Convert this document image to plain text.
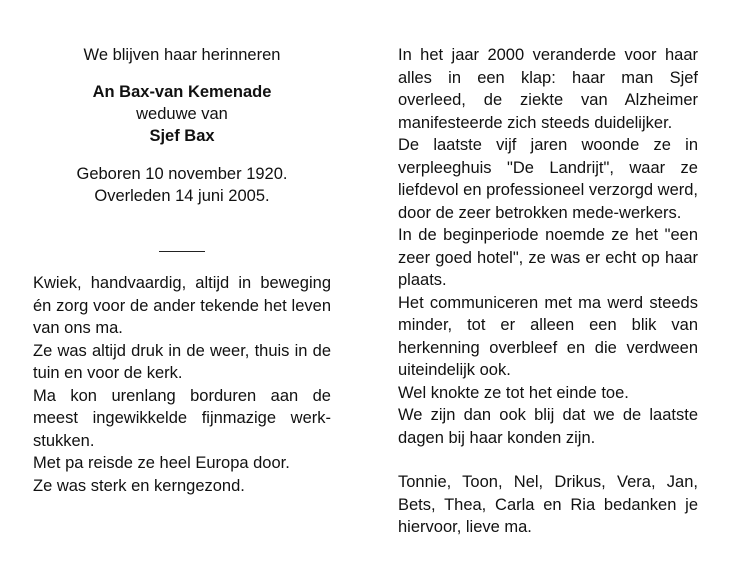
We blijven haar herinneren
An Bax-van Kemenade
weduwe van
Sjef Bax
Geboren 10 november 1920.
Overleden 14 juni 2005.

Kwiek, handvaardig, altijd in beweging én zorg voor de ander tekende het leven van ons ma.

Ze was altijd druk in de weer, thuis in de tuin en voor de kerk.

Ma kon urenlang borduren aan de meest ingewikkelde fijnmazige werk-stukken.

Met pa reisde ze heel Europa door.

Ze was sterk en kerngezond.

In het jaar 2000 veranderde voor haar alles in een klap: haar man Sjef overleed, de ziekte van Alzheimer manifesteerde zich steeds duidelijker.

De laatste vijf jaren woonde ze in verpleeghuis "De Landrijt", waar ze liefdevol en professioneel verzorgd werd, door de zeer betrokken mede-werkers.

In de beginperiode noemde ze het "een zeer goed hotel", ze was er echt op haar plaats.

Het communiceren met ma werd steeds minder, tot er alleen een blik van herkenning overbleef en die verdween uiteindelijk ook.

Wel knokte ze tot het einde toe.

We zijn dan ook blij dat we de laatste dagen bij haar konden zijn.

Tonnie, Toon, Nel, Drikus, Vera, Jan, Bets, Thea, Carla en Ria bedanken je hiervoor, lieve ma.
